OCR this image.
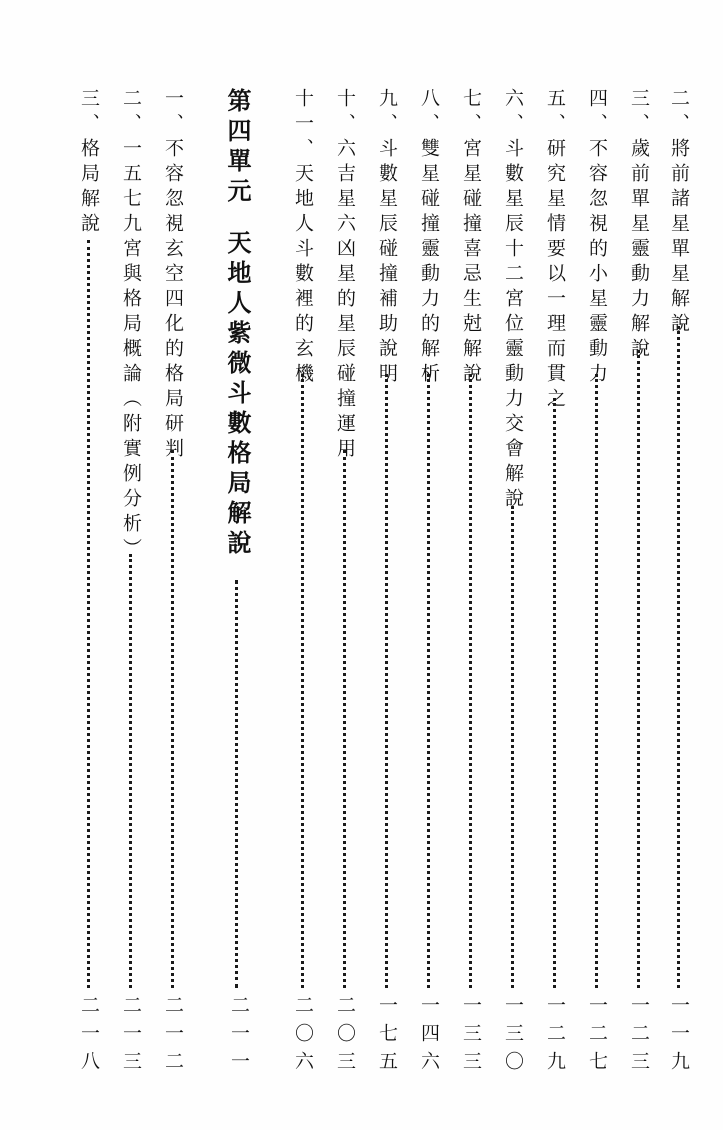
二、將前諸星單星解說
一一九
三、歲前單星靈動力解說
一二三
四、不容忽視的小星靈動力
一二七
五、研究星情要以一理而貫之
一二九
六、斗數星辰十二宮位靈動力交會解說
一三〇
七、宮星碰撞喜忌生尅解說
一三三
八、雙星碰撞靈動力的解析
一四六
九、斗數星辰碰撞補助說明
一七五
十、六吉星六凶星的星辰碰撞運用
二〇三
十一、天地人斗數裡的玄機
二〇六
第四單元天地人紫微斗數格局解說
二一一
一、不容忽視玄空四化的格局研判
二一二
二、一五七九宮與格局概論（附實例分析）
二一三
三、格局解說
二一八
